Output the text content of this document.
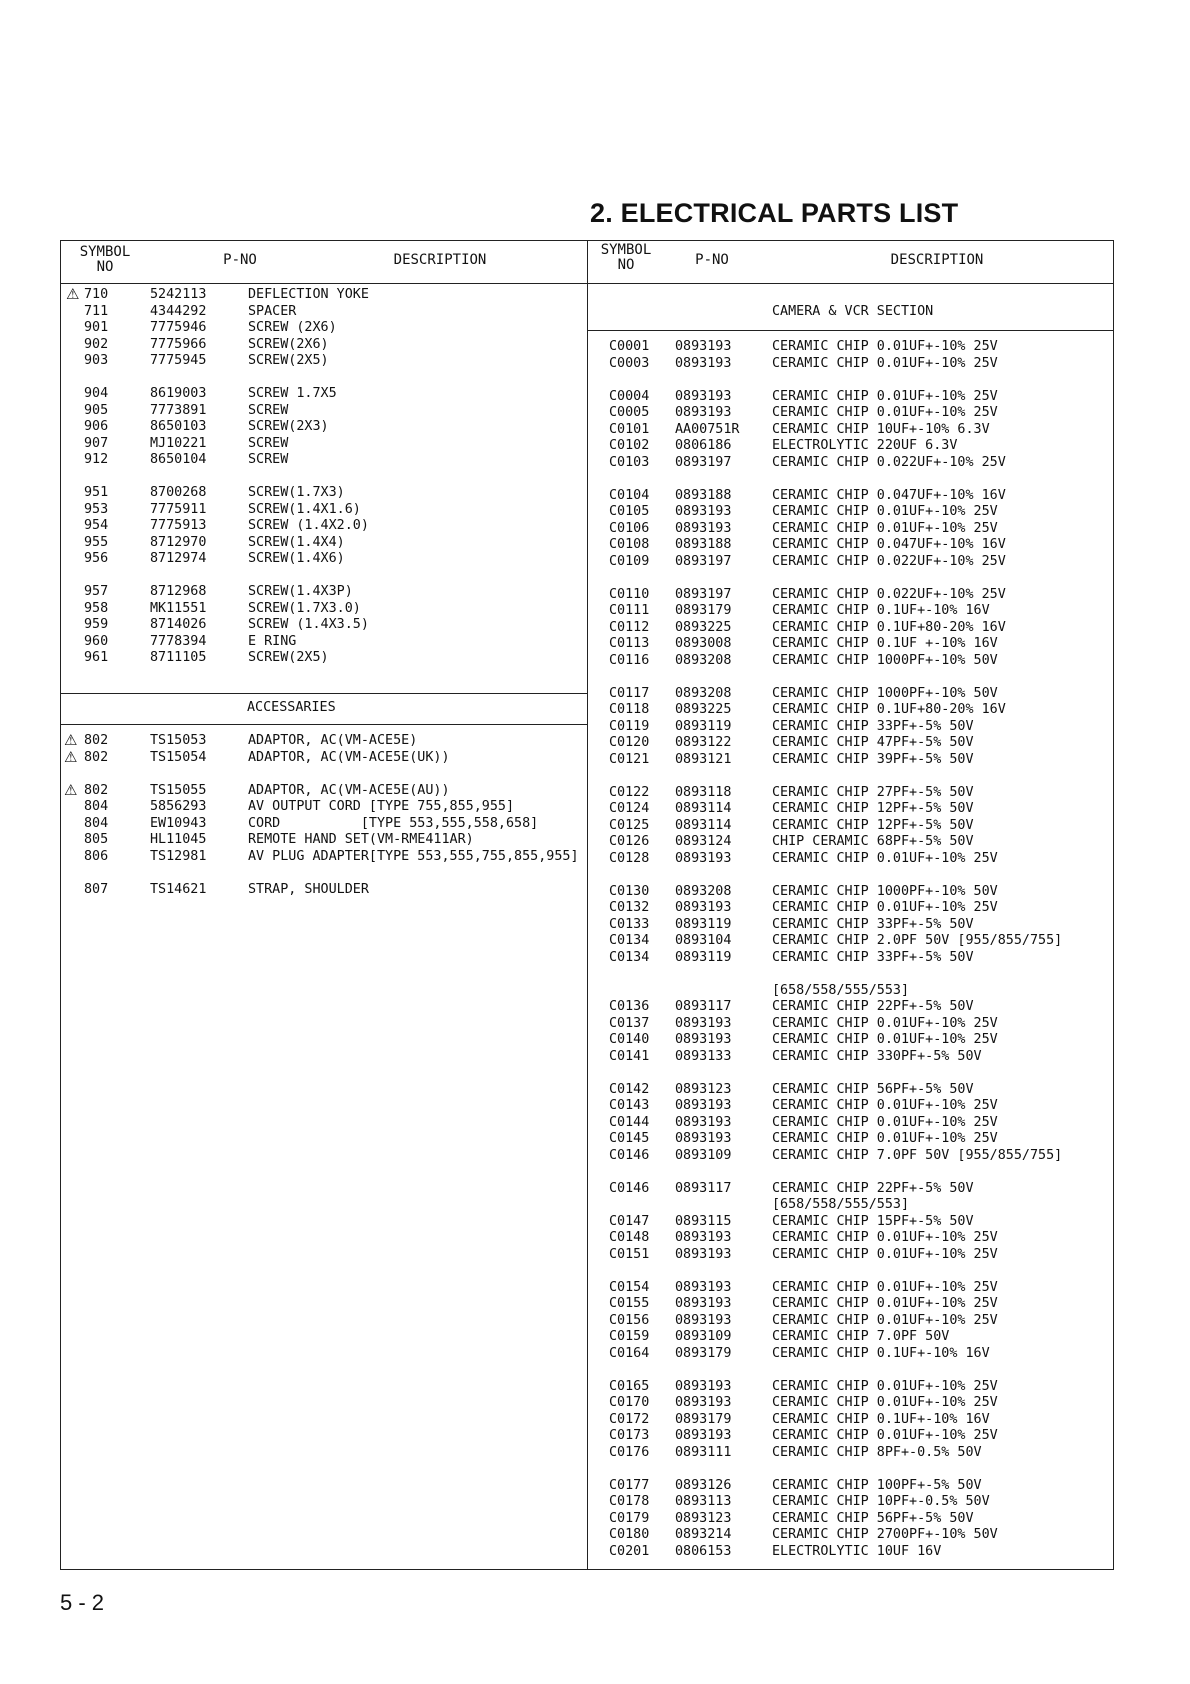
2. ELECTRICAL PARTS LIST
SYMBOL
NO	P-NO	DESCRIPTION
SYMBOL
NO	P-NO	DESCRIPTION
CAMERA & VCR SECTION
ACCESSARIES
⚠ 710	5242113	DEFLECTION YOKE
711	4344292	SPACER
901	7775946	SCREW (2X6)
902	7775966	SCREW(2X6)
903	7775945	SCREW(2X5)
904	8619003	SCREW 1.7X5
905	7773891	SCREW
906	8650103	SCREW(2X3)
907	MJ10221	SCREW
912	8650104	SCREW
951	8700268	SCREW(1.7X3)
953	7775911	SCREW(1.4X1.6)
954	7775913	SCREW (1.4X2.0)
955	8712970	SCREW(1.4X4)
956	8712974	SCREW(1.4X6)
957	8712968	SCREW(1.4X3P)
958	MK11551	SCREW(1.7X3.0)
959	8714026	SCREW (1.4X3.5)
960	7778394	E RING
961	8711105	SCREW(2X5)
⚠ 802	TS15053	ADAPTOR, AC(VM-ACE5E)
⚠ 802	TS15054	ADAPTOR, AC(VM-ACE5E(UK))
⚠ 802	TS15055	ADAPTOR, AC(VM-ACE5E(AU))
804	5856293	AV OUTPUT CORD [TYPE 755,855,955]
804	EW10943	CORD          [TYPE 553,555,558,658]
805	HL11045	REMOTE HAND SET(VM-RME411AR)
806	TS12981	AV PLUG ADAPTER[TYPE 553,555,755,855,955]
807	TS14621	STRAP, SHOULDER
C0001 0893193	CERAMIC CHIP 0.01UF+-10% 25V
C0003 0893193	CERAMIC CHIP 0.01UF+-10% 25V
C0004 0893193	CERAMIC CHIP 0.01UF+-10% 25V
C0005 0893193	CERAMIC CHIP 0.01UF+-10% 25V
C0101 AA00751R CERAMIC CHIP 10UF+-10% 6.3V
C0102 0806186	ELECTROLYTIC 220UF 6.3V
C0103 0893197	CERAMIC CHIP 0.022UF+-10% 25V
C0104 0893188	CERAMIC CHIP 0.047UF+-10% 16V
C0105 0893193	CERAMIC CHIP 0.01UF+-10% 25V
C0106 0893193	CERAMIC CHIP 0.01UF+-10% 25V
C0108 0893188	CERAMIC CHIP 0.047UF+-10% 16V
C0109 0893197	CERAMIC CHIP 0.022UF+-10% 25V
C0110 0893197	CERAMIC CHIP 0.022UF+-10% 25V
C0111 0893179	CERAMIC CHIP 0.1UF+-10% 16V
C0112 0893225	CERAMIC CHIP 0.1UF+80-20% 16V
C0113 0893008	CERAMIC CHIP 0.1UF +-10% 16V
C0116 0893208	CERAMIC CHIP 1000PF+-10% 50V
C0117 0893208	CERAMIC CHIP 1000PF+-10% 50V
C0118 0893225	CERAMIC CHIP 0.1UF+80-20% 16V
C0119 0893119	CERAMIC CHIP 33PF+-5% 50V
C0120 0893122	CERAMIC CHIP 47PF+-5% 50V
C0121 0893121	CERAMIC CHIP 39PF+-5% 50V
C0122 0893118	CERAMIC CHIP 27PF+-5% 50V
C0124 0893114	CERAMIC CHIP 12PF+-5% 50V
C0125 0893114	CERAMIC CHIP 12PF+-5% 50V
C0126 0893124	CHIP CERAMIC 68PF+-5% 50V
C0128 0893193	CERAMIC CHIP 0.01UF+-10% 25V
C0130 0893208	CERAMIC CHIP 1000PF+-10% 50V
C0132 0893193	CERAMIC CHIP 0.01UF+-10% 25V
C0133 0893119	CERAMIC CHIP 33PF+-5% 50V
C0134 0893104	CERAMIC CHIP 2.0PF 50V [955/855/755]
C0134 0893119	CERAMIC CHIP 33PF+-5% 50V
[658/558/555/553]
C0136 0893117	CERAMIC CHIP 22PF+-5% 50V
C0137 0893193	CERAMIC CHIP 0.01UF+-10% 25V
C0140 0893193	CERAMIC CHIP 0.01UF+-10% 25V
C0141 0893133	CERAMIC CHIP 330PF+-5% 50V
C0142 0893123	CERAMIC CHIP 56PF+-5% 50V
C0143 0893193	CERAMIC CHIP 0.01UF+-10% 25V
C0144 0893193	CERAMIC CHIP 0.01UF+-10% 25V
C0145 0893193	CERAMIC CHIP 0.01UF+-10% 25V
C0146 0893109	CERAMIC CHIP 7.0PF 50V [955/855/755]
C0146 0893117	CERAMIC CHIP 22PF+-5% 50V
[658/558/555/553]
C0147 0893115	CERAMIC CHIP 15PF+-5% 50V
C0148 0893193	CERAMIC CHIP 0.01UF+-10% 25V
C0151 0893193	CERAMIC CHIP 0.01UF+-10% 25V
C0154 0893193	CERAMIC CHIP 0.01UF+-10% 25V
C0155 0893193	CERAMIC CHIP 0.01UF+-10% 25V
C0156 0893193	CERAMIC CHIP 0.01UF+-10% 25V
C0159 0893109	CERAMIC CHIP 7.0PF 50V
C0164 0893179	CERAMIC CHIP 0.1UF+-10% 16V
C0165 0893193	CERAMIC CHIP 0.01UF+-10% 25V
C0170 0893193	CERAMIC CHIP 0.01UF+-10% 25V
C0172 0893179	CERAMIC CHIP 0.1UF+-10% 16V
C0173 0893193	CERAMIC CHIP 0.01UF+-10% 25V
C0176 0893111	CERAMIC CHIP 8PF+-0.5% 50V
C0177 0893126	CERAMIC CHIP 100PF+-5% 50V
C0178 0893113	CERAMIC CHIP 10PF+-0.5% 50V
C0179 0893123	CERAMIC CHIP 56PF+-5% 50V
C0180 0893214	CERAMIC CHIP 2700PF+-10% 50V
C0201 0806153	ELECTROLYTIC 10UF 16V
5 - 2
